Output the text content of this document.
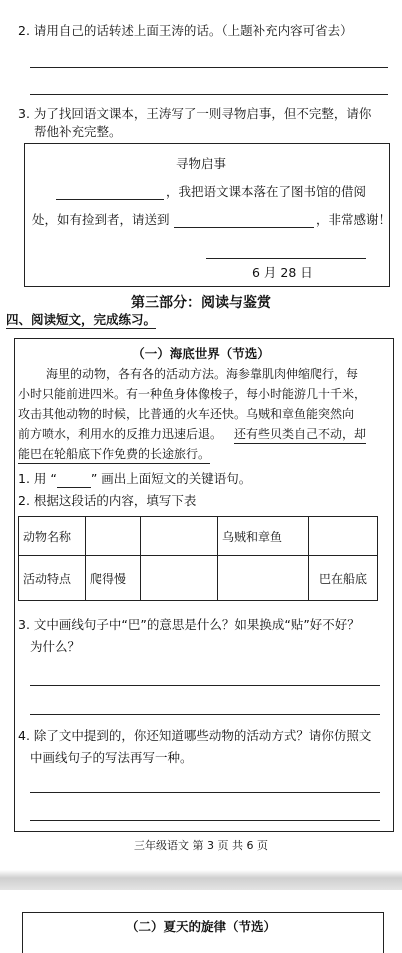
2. 请用自己的话转述上面王涛的话。（上题补充内容可省去）
3. 为了找回语文课本，王涛写了一则寻物启事，但不完整，请你
帮他补充完整。
寻物启事
，我把语文课本落在了图书馆的借阅
处，如有捡到者，请送到	，非常感谢！
6 月 28 日
第三部分：阅读与鉴赏
四、阅读短文，完成练习。
（一）海底世界（节选）
海里的动物，各有各的活动方法。海参靠肌肉伸缩爬行，每
小时只能前进四米。有一种鱼身体像梭子，每小时能游几十千米，
攻击其他动物的时候，比普通的火车还快。乌贼和章鱼能突然向
前方喷水，利用水的反推力迅速后退。 还有些贝类自己不动，却
能巴在轮船底下作免费的长途旅行。
1. 用 “	” 画出上面短文的关键语句。
2. 根据这段话的内容，填写下表
动物名称			乌贼和章鱼	
活动特点	爬得慢			巴在船底
3. 文中画线句子中“巴”的意思是什么？如果换成“贴”好不好？
为什么？
4. 除了文中提到的，你还知道哪些动物的活动方式？请你仿照文
中画线句子的写法再写一种。
三年级语文 第 3 页 共 6 页
（二）夏天的旋律（节选）
